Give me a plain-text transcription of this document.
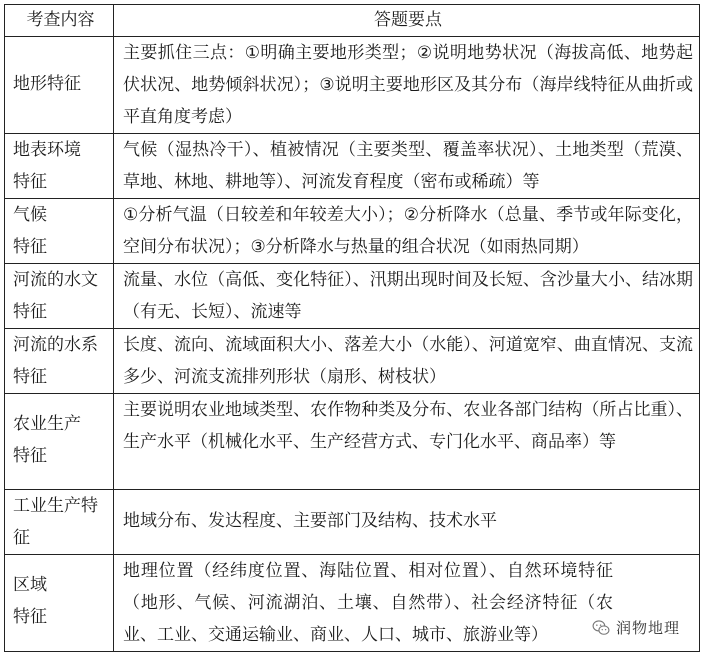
考查内容	答题要点

地形特征	主要抓住三点：①明确主要地形类型；②说明地势状况（海拔高低、地势起伏状况、地势倾斜状况）；③说明主要地形区及其分布（海岸线特征从曲折或平直角度考虑）

地表环境特征	气候（湿热冷干）、植被情况（主要类型、覆盖率状况）、土地类型（荒漠、草地、林地、耕地等）、河流发育程度（密布或稀疏）等

气候特征	①分析气温（日较差和年较差大小）；②分析降水（总量、季节或年际变化，空间分布状况）；③分析降水与热量的组合状况（如雨热同期）

河流的水文特征	流量、水位（高低、变化特征）、汛期出现时间及长短、含沙量大小、结冰期（有无、长短）、流速等

河流的水系特征	长度、流向、流域面积大小、落差大小（水能）、河道宽窄、曲直情况、支流多少、河流支流排列形状（扇形、树枝状）

农业生产特征	主要说明农业地域类型、农作物种类及分布、农业各部门结构（所占比重）、生产水平（机械化水平、生产经营方式、专门化水平、商品率）等

工业生产特征	地域分布、发达程度、主要部门及结构、技术水平

区域特征	地理位置（经纬度位置、海陆位置、相对位置）、自然环境特征（地形、气候、河流湖泊、土壤、自然带）、社会经济特征（农业、工业、交通运输业、商业、人口、城市、旅游业等）	润物地理
